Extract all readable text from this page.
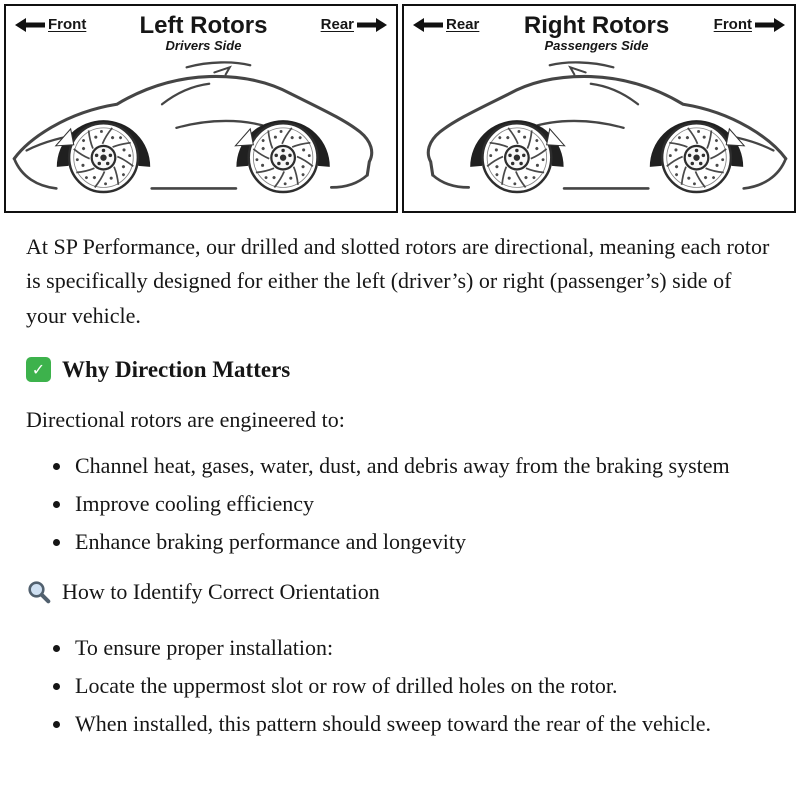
Front Left Rotors
Drivers Side
Rear
Rotation	Rotation
Rear Right Rotors
Passengers Side
Front
Rotation	Rotation

At SP Performance, our drilled and slotted rotors are directional, meaning each rotor is specifically designed for either the left (driver’s) or right (passenger’s) side of your vehicle.

✓ Why Direction Matters

Directional rotors are engineered to:

• Channel heat, gases, water, dust, and debris away from the braking system
• Improve cooling efficiency
• Enhance braking performance and longevity
How to Identify Correct Orientation
• To ensure proper installation:
• Locate the uppermost slot or row of drilled holes on the rotor.
• When installed, this pattern should sweep toward the rear of the vehicle.
